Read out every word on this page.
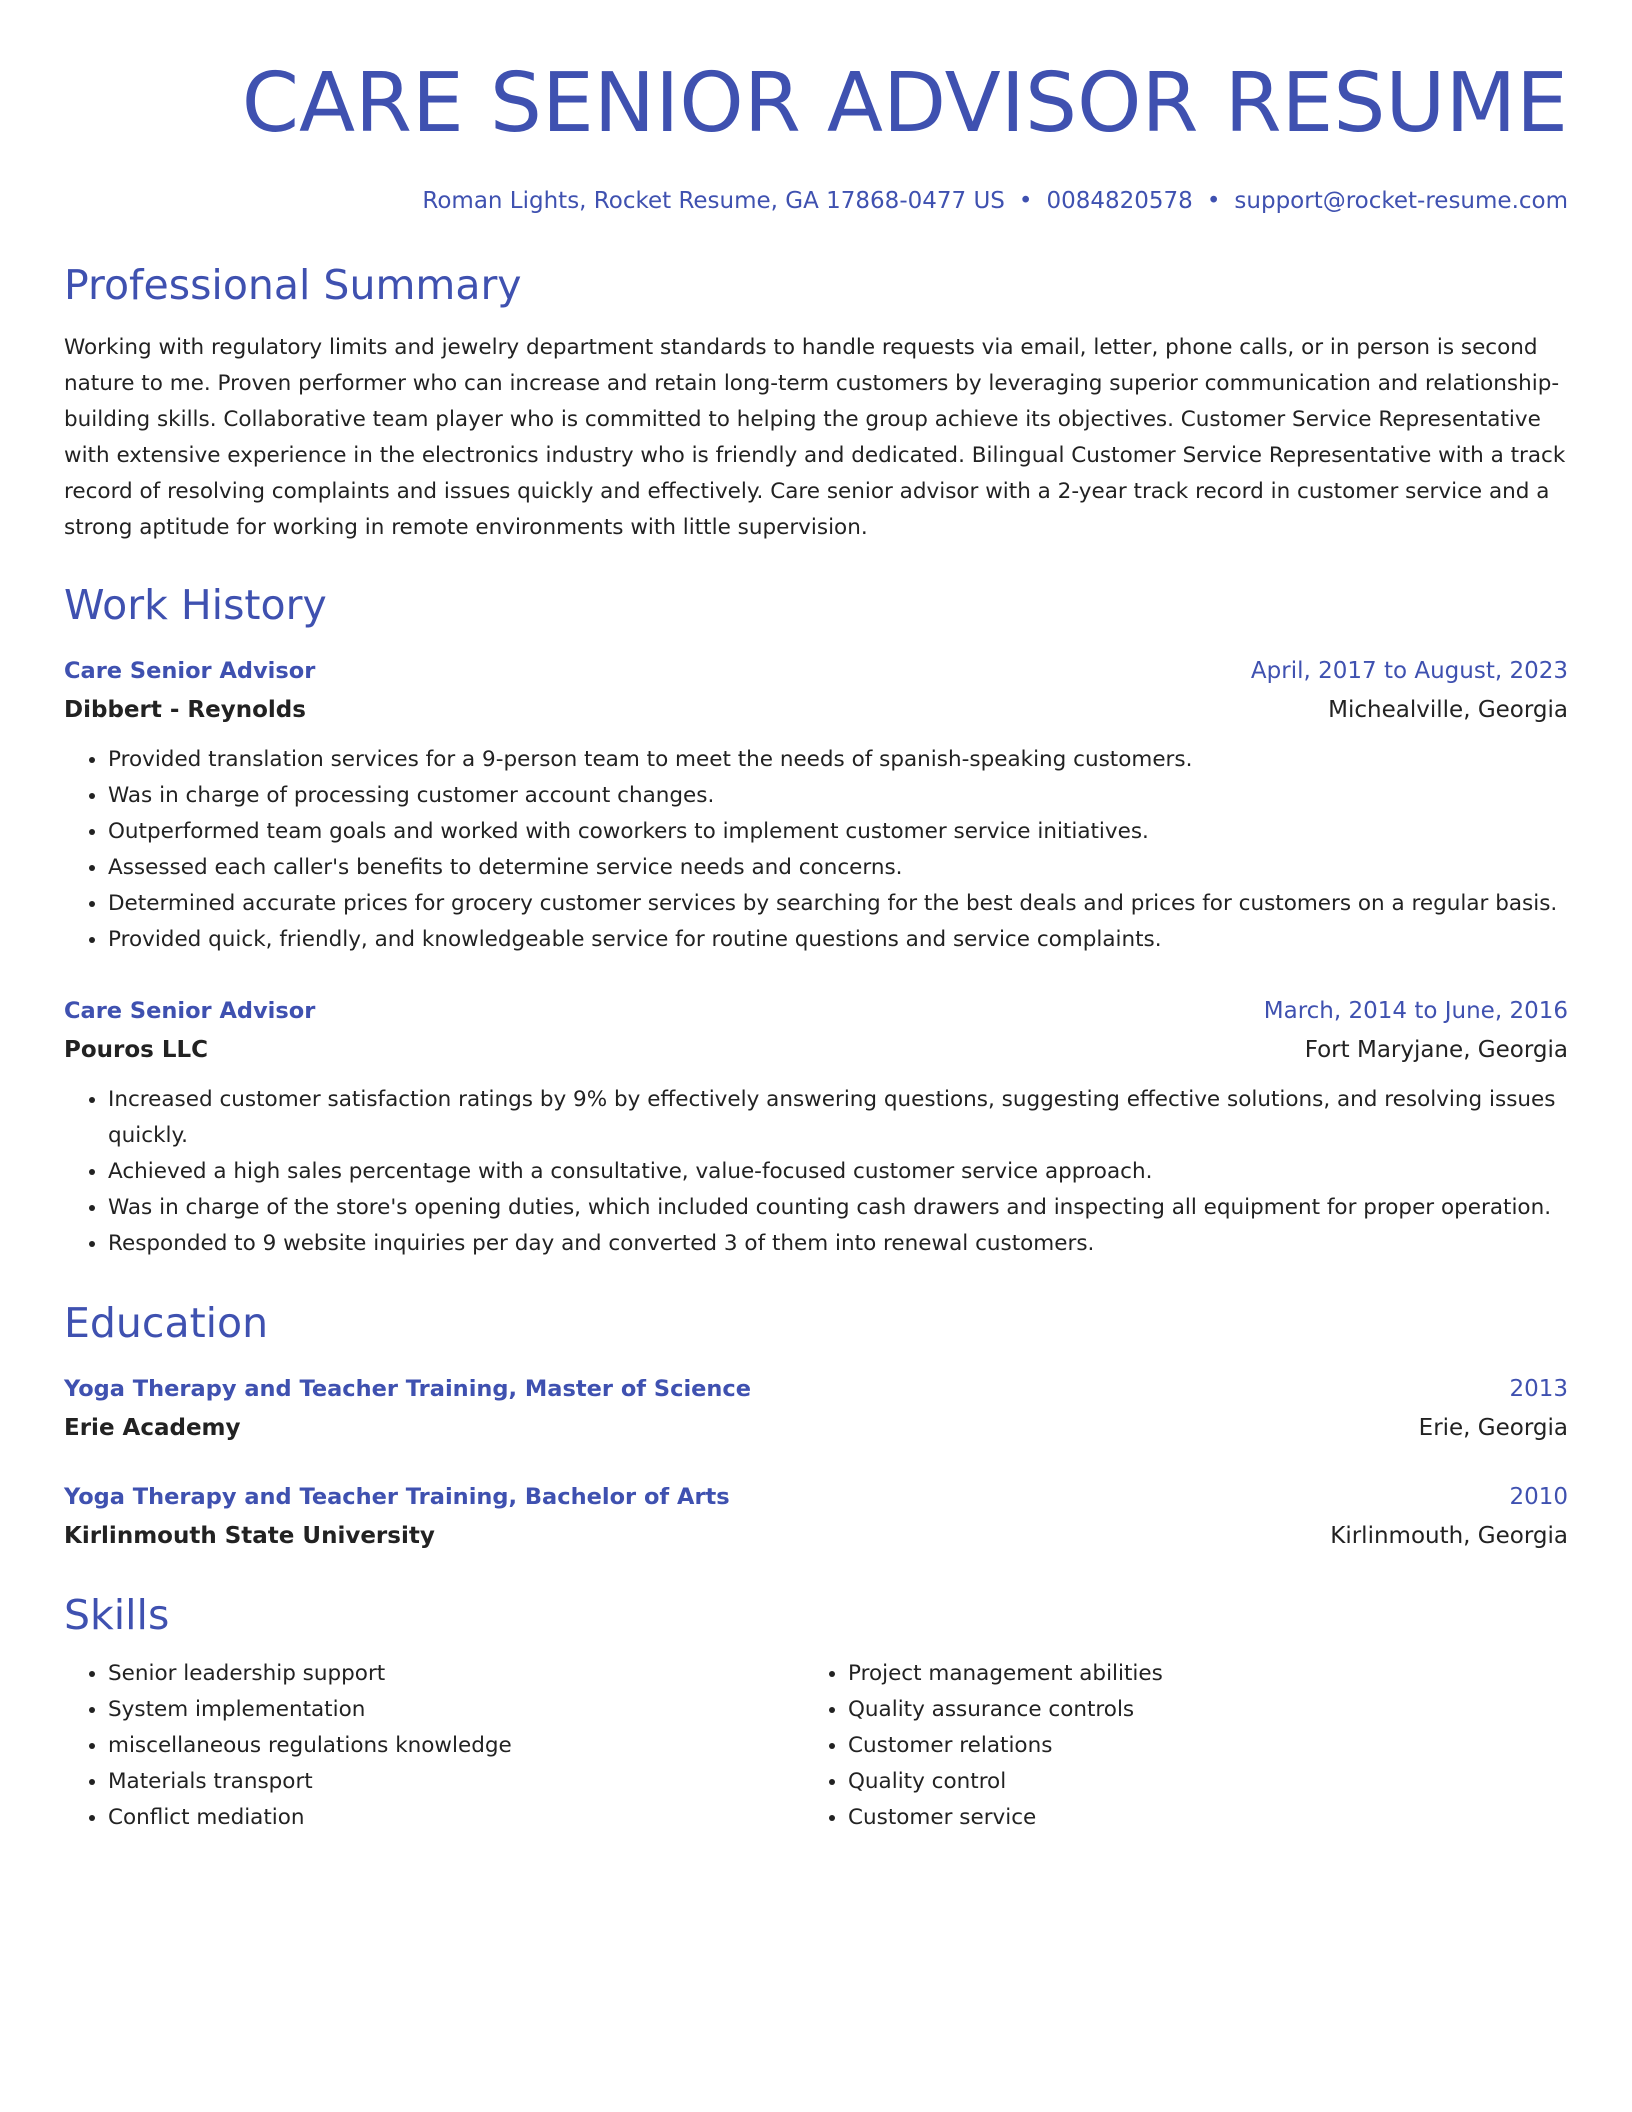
CARE SENIOR ADVISOR RESUME
Roman Lights, Rocket Resume, GA 17868-0477 US • 0084820578 • support@rocket-resume.com
Professional Summary

Working with regulatory limits and jewelry department standards to handle requests via email, letter, phone calls, or in person is second nature to me. Proven performer who can increase and retain long-term customers by leveraging superior communication and relationship-building skills. Collaborative team player who is committed to helping the group achieve its objectives. Customer Service Representative with extensive experience in the electronics industry who is friendly and dedicated. Bilingual Customer Service Representative with a track record of resolving complaints and issues quickly and effectively. Care senior advisor with a 2-year track record in customer service and a strong aptitude for working in remote environments with little supervision.

Work History
Care Senior Advisor	April, 2017 to August, 2023
Dibbert - Reynolds	Michealville, Georgia
• Provided translation services for a 9-person team to meet the needs of spanish-speaking customers.
• Was in charge of processing customer account changes.
• Outperformed team goals and worked with coworkers to implement customer service initiatives.
• Assessed each caller's benefits to determine service needs and concerns.
• Determined accurate prices for grocery customer services by searching for the best deals and prices for customers on a regular basis.
• Provided quick, friendly, and knowledgeable service for routine questions and service complaints.
Care Senior Advisor	March, 2014 to June, 2016
Pouros LLC	Fort Maryjane, Georgia
• Increased customer satisfaction ratings by 9% by effectively answering questions, suggesting effective solutions, and resolving issues quickly.
• Achieved a high sales percentage with a consultative, value-focused customer service approach.
• Was in charge of the store's opening duties, which included counting cash drawers and inspecting all equipment for proper operation.
• Responded to 9 website inquiries per day and converted 3 of them into renewal customers.
Education
Yoga Therapy and Teacher Training, Master of Science	2013
Erie Academy	Erie, Georgia
Yoga Therapy and Teacher Training, Bachelor of Arts	2010
Kirlinmouth State University	Kirlinmouth, Georgia
Skills
• Senior leadership support
• System implementation
• miscellaneous regulations knowledge
• Materials transport
• Conflict mediation
• Project management abilities
• Quality assurance controls
• Customer relations
• Quality control
• Customer service
